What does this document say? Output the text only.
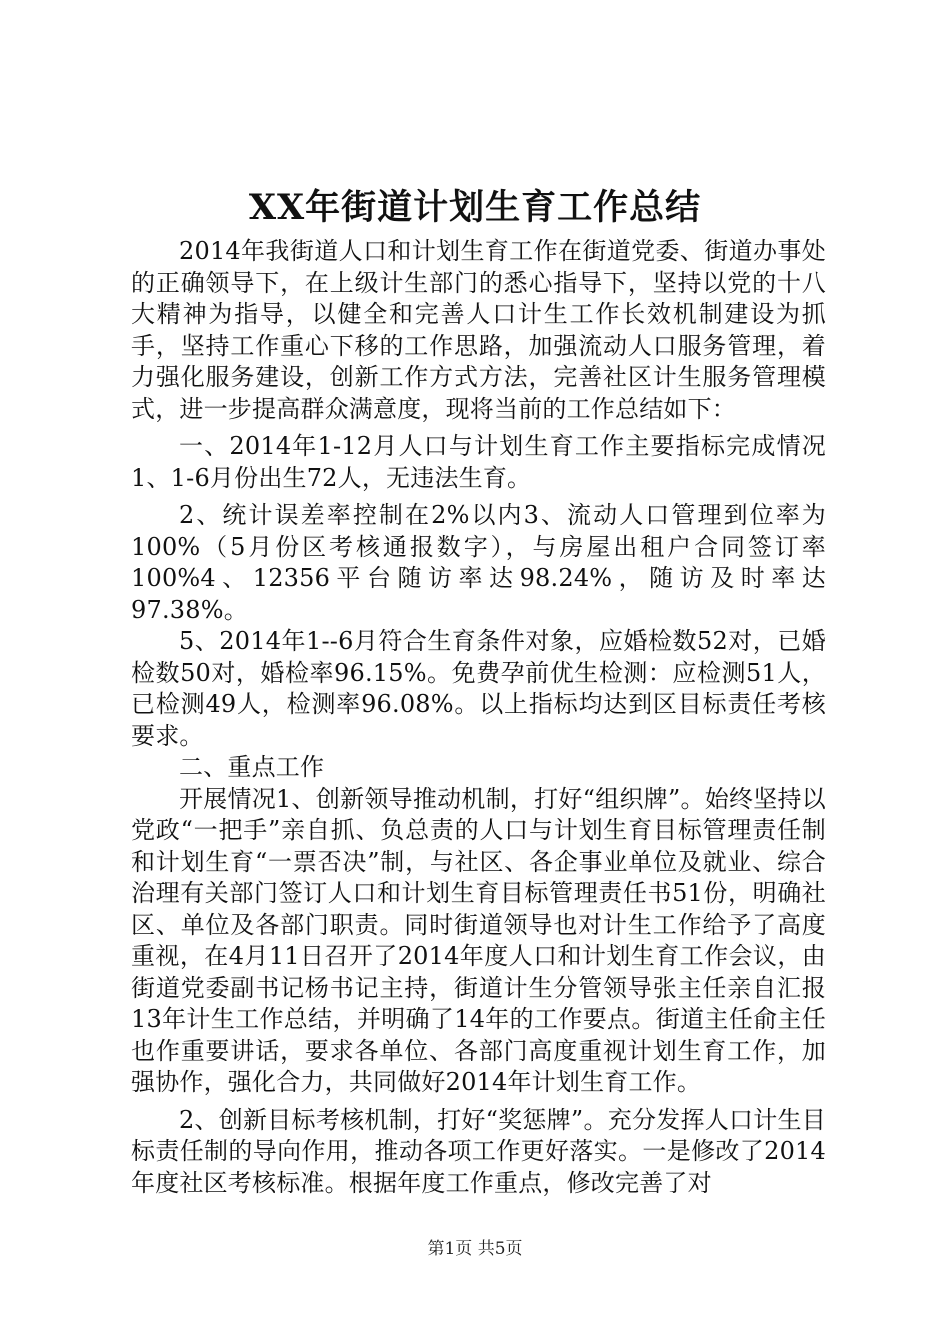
XX年街道计划生育工作总结

2014年我街道人口和计划生育工作在街道党委、街道办事处的正确领导下，在上级计生部门的悉心指导下，坚持以党的十八大精神为指导，以健全和完善人口计生工作长效机制建设为抓手，坚持工作重心下移的工作思路，加强流动人口服务管理，着力强化服务建设，创新工作方式方法，完善社区计生服务管理模式，进一步提高群众满意度，现将当前的工作总结如下：

一、2014年1-12月人口与计划生育工作主要指标完成情况1、1-6月份出生72人，无违法生育。

2、统计误差率控制在2%以内3、流动人口管理到位率为100%（5月份区考核通报数字），与房屋出租户合同签订率100%4、12356平台随访率达98.24%，随访及时率达97.38%。

5、2014年1--6月符合生育条件对象，应婚检数52对，已婚检数50对，婚检率96.15%。免费孕前优生检测：应检测51人，已检测49人，检测率96.08%。以上指标均达到区目标责任考核要求。

二、重点工作

开展情况1、创新领导推动机制，打好“组织牌”。始终坚持以党政“一把手”亲自抓、负总责的人口与计划生育目标管理责任制和计划生育“一票否决”制，与社区、各企事业单位及就业、综合治理有关部门签订人口和计划生育目标管理责任书51份，明确社区、单位及各部门职责。同时街道领导也对计生工作给予了高度重视，在4月11日召开了2014年度人口和计划生育工作会议，由街道党委副书记杨书记主持，街道计生分管领导张主任亲自汇报13年计生工作总结，并明确了14年的工作要点。街道主任俞主任也作重要讲话，要求各单位、各部门高度重视计划生育工作，加强协作，强化合力，共同做好2014年计划生育工作。

2、创新目标考核机制，打好“奖惩牌”。充分发挥人口计生目标责任制的导向作用，推动各项工作更好落实。一是修改了2014年度社区考核标准。根据年度工作重点，修改完善了对

第1页 共5页
